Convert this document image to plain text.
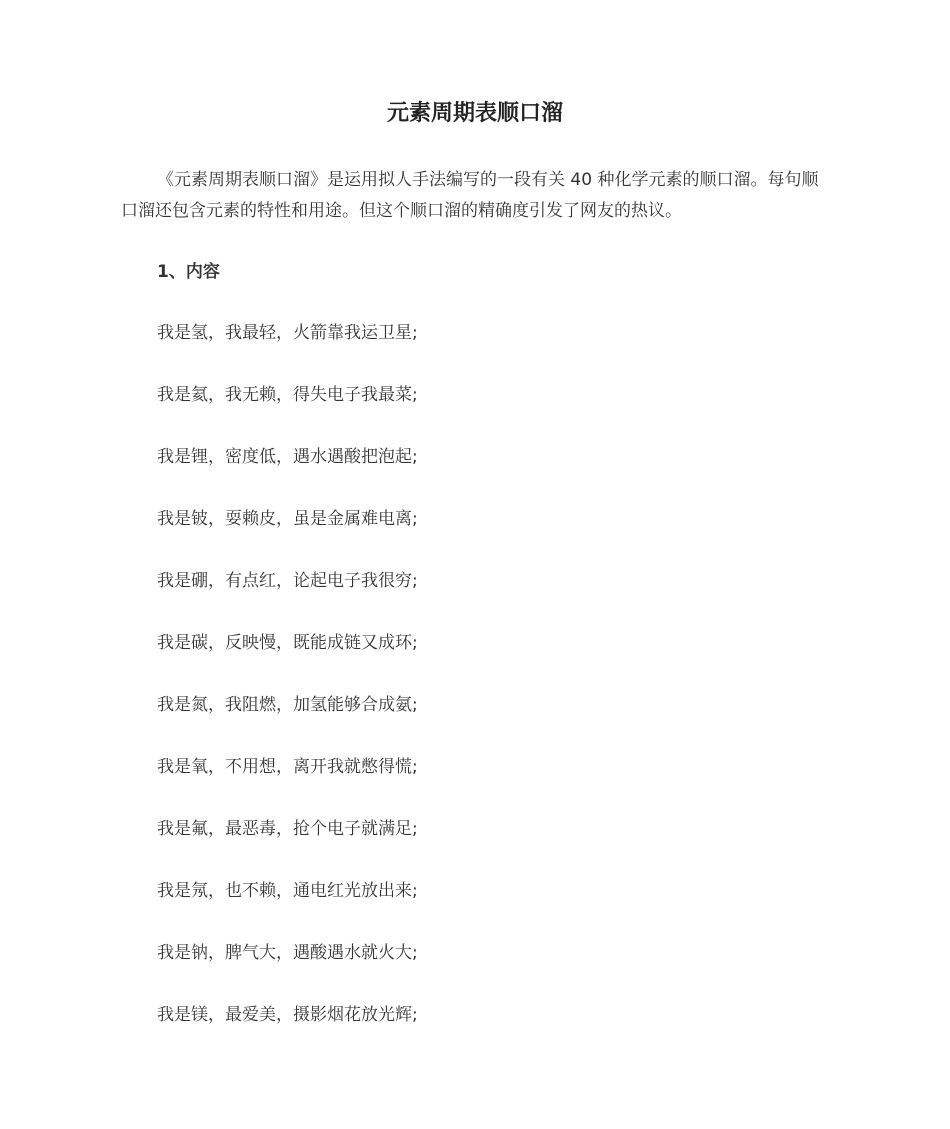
元素周期表顺口溜

《元素周期表顺口溜》是运用拟人手法编写的一段有关 40 种化学元素的顺口溜。每句顺口溜还包含元素的特性和用途。但这个顺口溜的精确度引发了网友的热议。

1、内容

我是氢，我最轻，火箭靠我运卫星;
我是氦，我无赖，得失电子我最菜;
我是锂，密度低，遇水遇酸把泡起;
我是铍，耍赖皮，虽是金属难电离;
我是硼，有点红，论起电子我很穷;
我是碳，反映慢，既能成链又成环;
我是氮，我阻燃，加氢能够合成氨;
我是氧，不用想，离开我就憋得慌;
我是氟，最恶毒，抢个电子就满足;
我是氖，也不赖，通电红光放出来;
我是钠，脾气大，遇酸遇水就火大;
我是镁，最爱美，摄影烟花放光辉;
